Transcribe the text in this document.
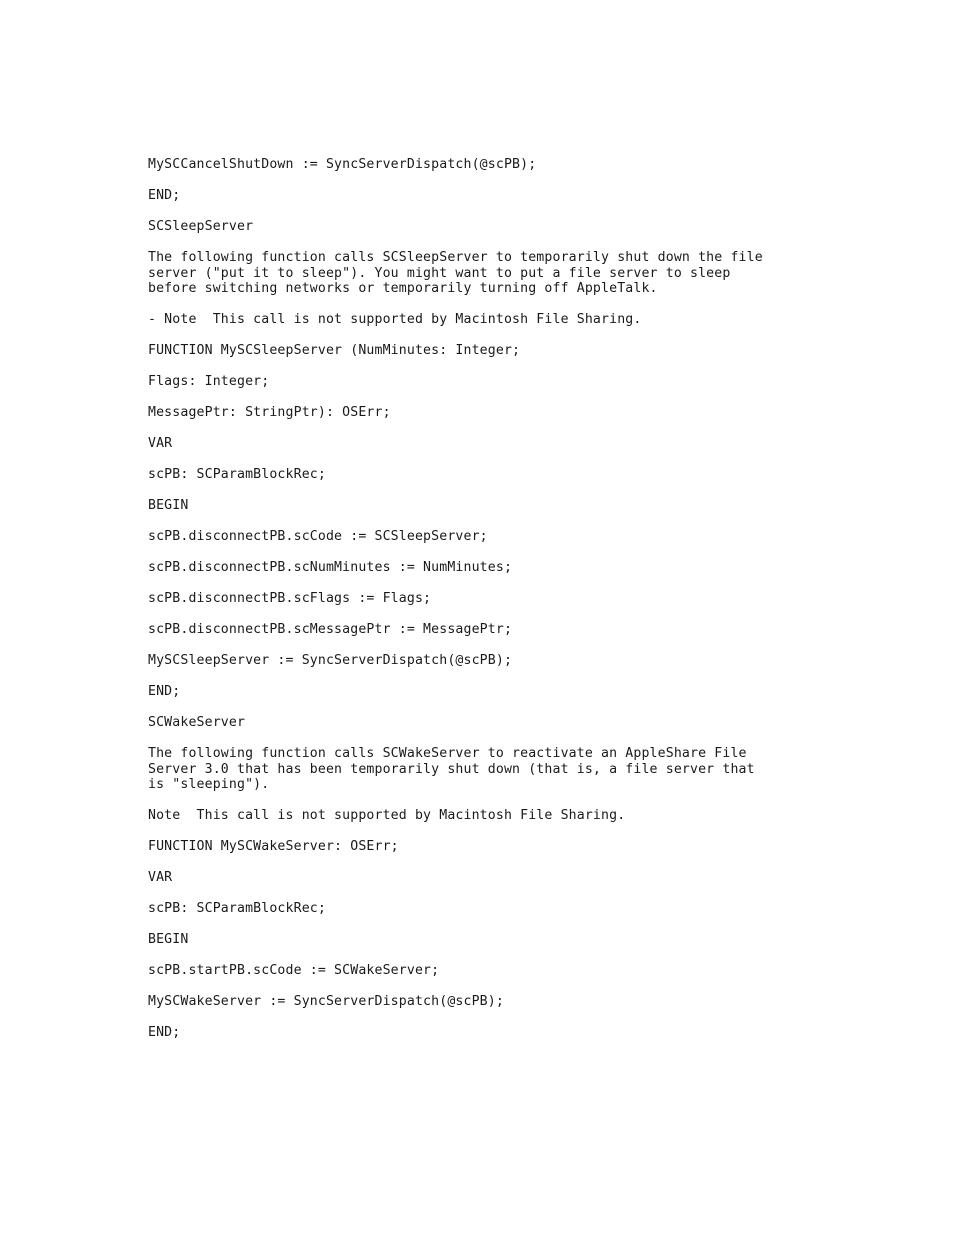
MySCCancelShutDown := SyncServerDispatch(@scPB);
END;
SCSleepServer
The following function calls SCSleepServer to temporarily shut down the file
server ("put it to sleep"). You might want to put a file server to sleep
before switching networks or temporarily turning off AppleTalk.
- Note  This call is not supported by Macintosh File Sharing.
FUNCTION MySCSleepServer (NumMinutes: Integer;
Flags: Integer;
MessagePtr: StringPtr): OSErr;
VAR
scPB: SCParamBlockRec;
BEGIN
scPB.disconnectPB.scCode := SCSleepServer;
scPB.disconnectPB.scNumMinutes := NumMinutes;
scPB.disconnectPB.scFlags := Flags;
scPB.disconnectPB.scMessagePtr := MessagePtr;
MySCSleepServer := SyncServerDispatch(@scPB);
END;
SCWakeServer
The following function calls SCWakeServer to reactivate an AppleShare File
Server 3.0 that has been temporarily shut down (that is, a file server that
is "sleeping").
Note  This call is not supported by Macintosh File Sharing.
FUNCTION MySCWakeServer: OSErr;
VAR
scPB: SCParamBlockRec;
BEGIN
scPB.startPB.scCode := SCWakeServer;
MySCWakeServer := SyncServerDispatch(@scPB);
END;
